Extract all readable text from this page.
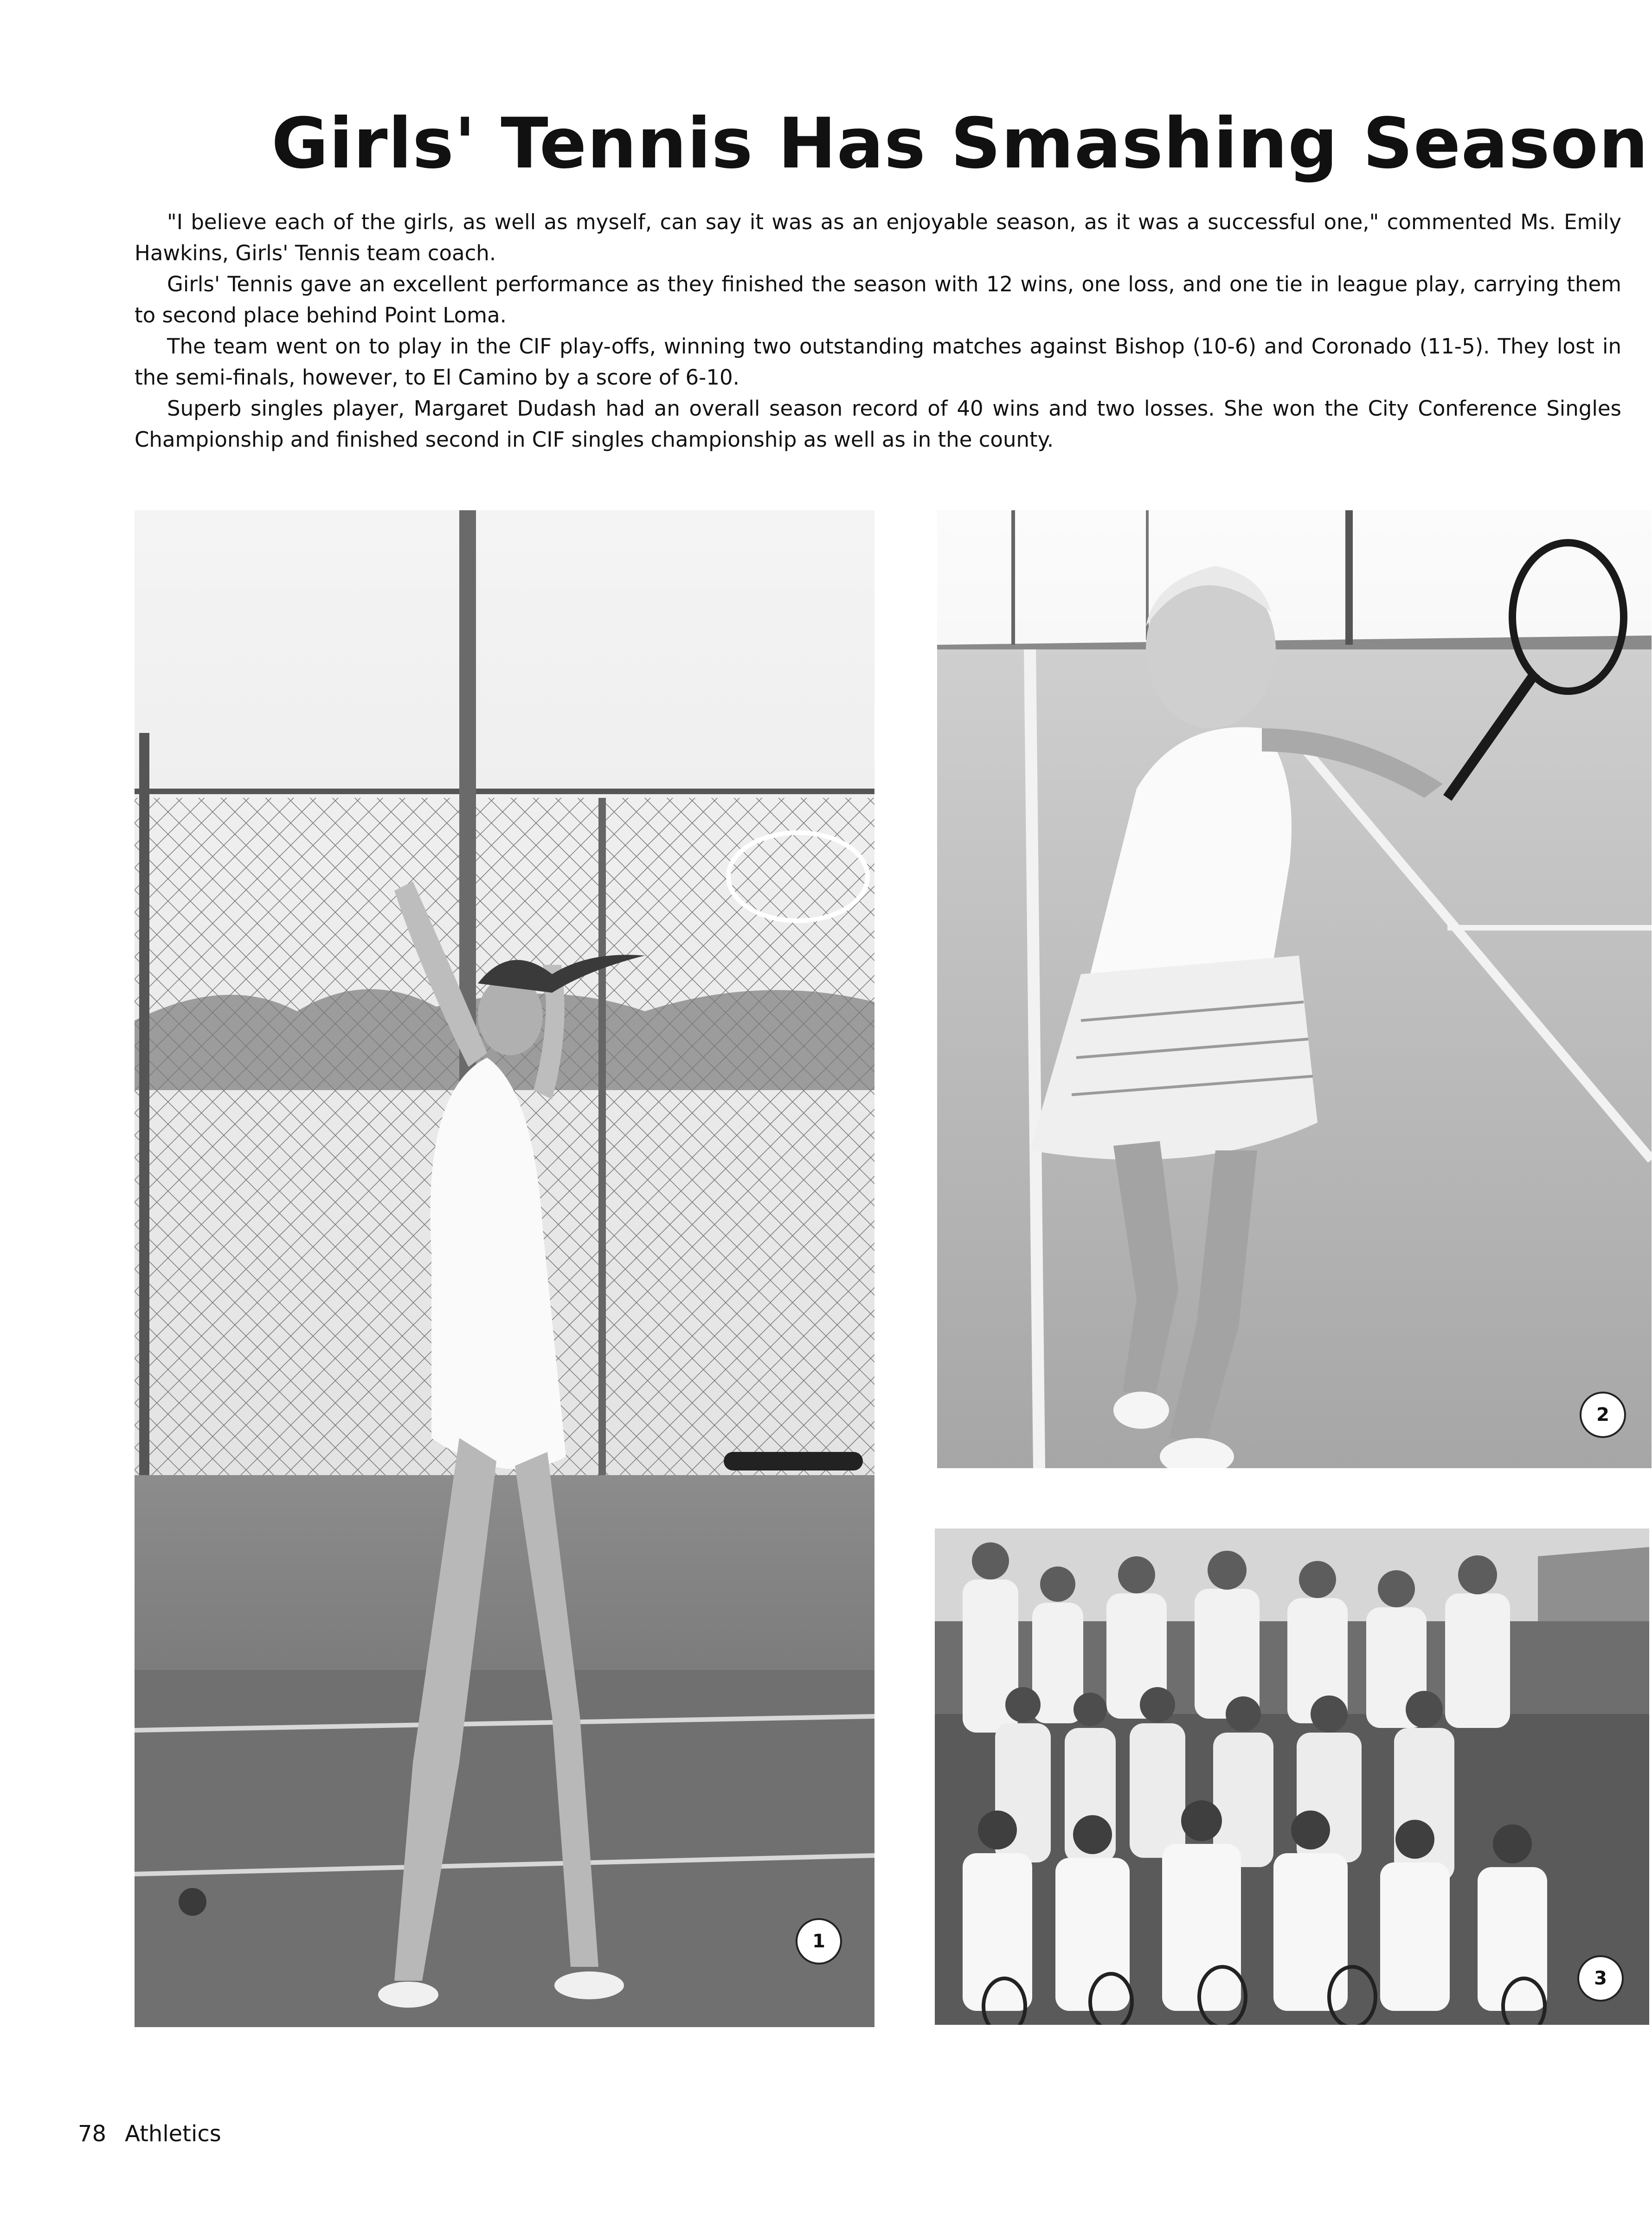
Girls' Tennis Has Smashing Season

"I believe each of the girls, as well as myself, can say it was as an enjoyable season, as it was a successful one," commented Ms. Emily Hawkins, Girls' Tennis team coach.

Girls' Tennis gave an excellent performance as they finished the season with 12 wins, one loss, and one tie in league play, carrying them to second place behind Point Loma.

The team went on to play in the CIF play-offs, winning two outstanding matches against Bishop (10-6) and Coronado (11-5). They lost in the semi-finals, however, to El Camino by a score of 6-10.

Superb singles player, Margaret Dudash had an overall season record of 40 wins and two losses. She won the City Conference Singles Championship and finished second in CIF singles championship as well as in the county.

1
2
3
78 Athletics
